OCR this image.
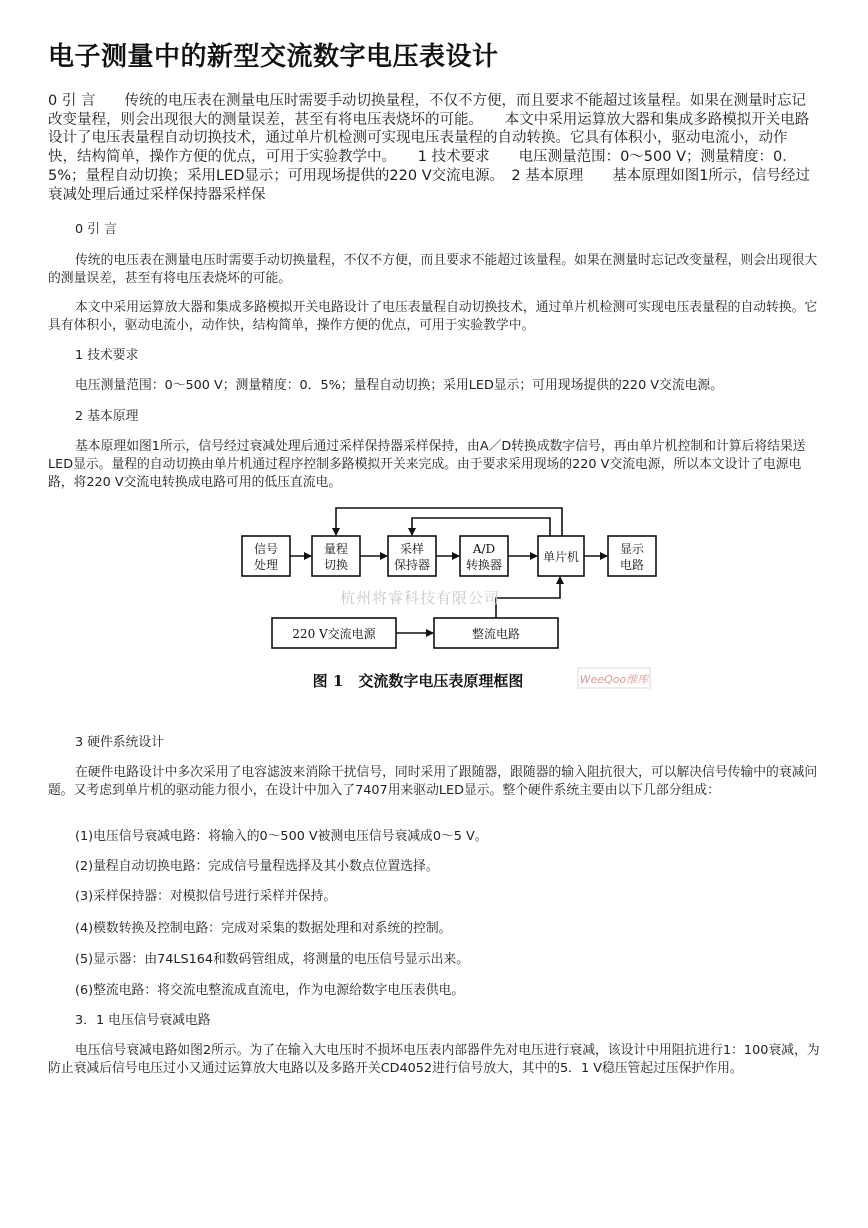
电子测量中的新型交流数字电压表设计

0 引 言　　传统的电压表在测量电压时需要手动切换量程，不仅不方便，而且要求不能超过该量程。如果在测量时忘记改变量程，则会出现很大的测量误差，甚至有将电压表烧坏的可能。　　本文中采用运算放大器和集成多路模拟开关电路设计了电压表量程自动切换技术，通过单片机检测可实现电压表量程的自动转换。它具有体积小，驱动电流小，动作快，结构简单，操作方便的优点，可用于实验教学中。　　1 技术要求　　电压测量范围：0～500 V；测量精度：0．5%；量程自动切换；采用LED显示；可用现场提供的220 V交流电源。　2 基本原理　　基本原理如图1所示，信号经过衰减处理后通过采样保持器采样保

0 引 言

传统的电压表在测量电压时需要手动切换量程，不仅不方便，而且要求不能超过该量程。如果在测量时忘记改变量程，则会出现很大的测量误差，甚至有将电压表烧坏的可能。

本文中采用运算放大器和集成多路模拟开关电路设计了电压表量程自动切换技术，通过单片机检测可实现电压表量程的自动转换。它具有体积小，驱动电流小，动作快，结构简单，操作方便的优点，可用于实验教学中。

1 技术要求

电压测量范围：0～500 V；测量精度：0．5%；量程自动切换；采用LED显示；可用现场提供的220 V交流电源。

2 基本原理

基本原理如图1所示，信号经过衰减处理后通过采样保持器采样保持，由A／D转换成数字信号，再由单片机控制和计算后将结果送LED显示。量程的自动切换由单片机通过程序控制多路模拟开关来完成。由于要求采用现场的220 V交流电源，所以本文设计了电源电路，将220 V交流电转换成电路可用的低压直流电。

信号
处理
量程
切换
采样
保持器
A/D
转换器
单片机
显示
电路
220 V交流电源	整流电路
杭州将睿科技有限公司
图 1　交流数字电压表原理框图	WeeQoo维库

3 硬件系统设计

在硬件电路设计中多次采用了电容滤波来消除干扰信号，同时采用了跟随器，跟随器的输入阻抗很大，可以解决信号传输中的衰减问题。又考虑到单片机的驱动能力很小，在设计中加入了7407用来驱动LED显示。整个硬件系统主要由以下几部分组成：

(1)电压信号衰减电路：将输入的0～500 V被测电压信号衰减成0～5 V。

(2)量程自动切换电路：完成信号量程选择及其小数点位置选择。

(3)采样保持器：对模拟信号进行采样并保持。

(4)模数转换及控制电路：完成对采集的数据处理和对系统的控制。

(5)显示器：由74LS164和数码管组成，将测量的电压信号显示出来。

(6)整流电路：将交流电整流成直流电，作为电源给数字电压表供电。

3．1 电压信号衰减电路

电压信号衰减电路如图2所示。为了在输入大电压时不损坏电压表内部器件先对电压进行衰减，该设计中用阻抗进行1：100衰减，为防止衰减后信号电压过小又通过运算放大电路以及多路开关CD4052进行信号放大，其中的5．1 V稳压管起过压保护作用。
